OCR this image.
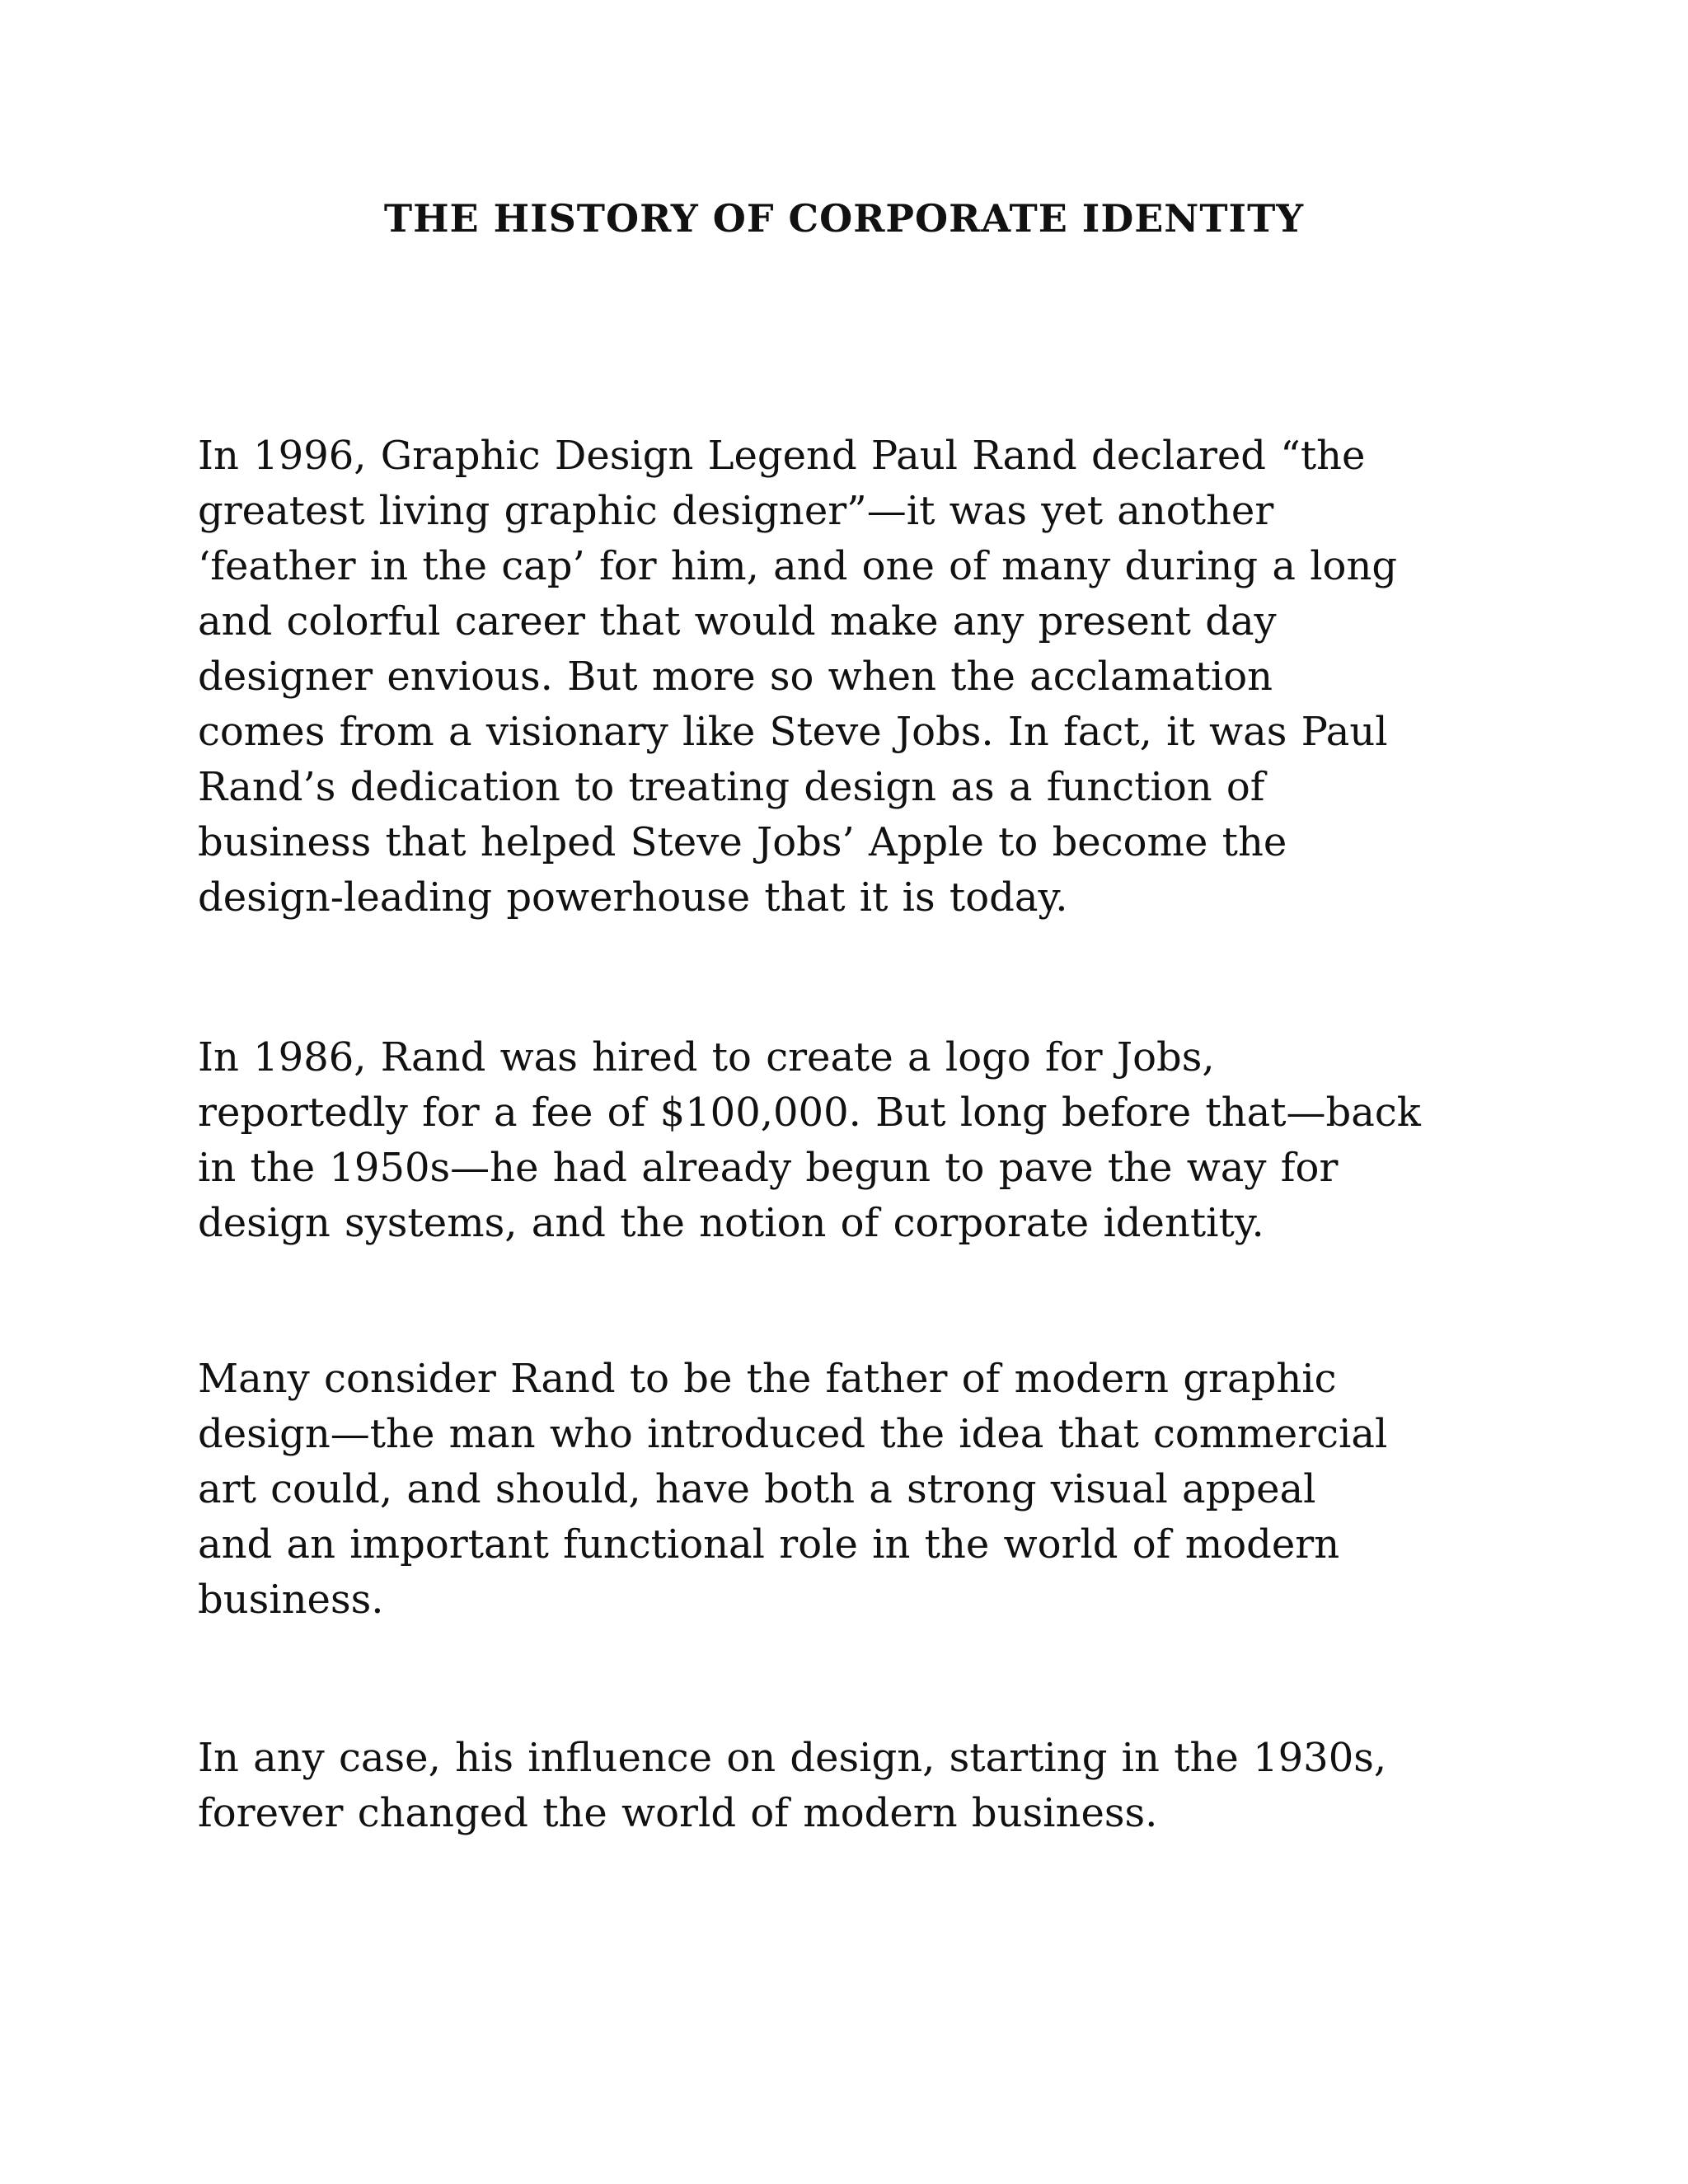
THE HISTORY OF CORPORATE IDENTITY

In 1996, Graphic Design Legend Paul Rand declared “the
greatest living graphic designer”—it was yet another
‘feather in the cap’ for him, and one of many during a long
and colorful career that would make any present day
designer envious. But more so when the acclamation
comes from a visionary like Steve Jobs. In fact, it was Paul
Rand’s dedication to treating design as a function of
business that helped Steve Jobs’ Apple to become the
design-leading powerhouse that it is today.

In 1986, Rand was hired to create a logo for Jobs,
reportedly for a fee of $100,000. But long before that—back
in the 1950s—he had already begun to pave the way for
design systems, and the notion of corporate identity.

Many consider Rand to be the father of modern graphic
design—the man who introduced the idea that commercial
art could, and should, have both a strong visual appeal
and an important functional role in the world of modern
business.

In any case, his influence on design, starting in the 1930s,
forever changed the world of modern business.
